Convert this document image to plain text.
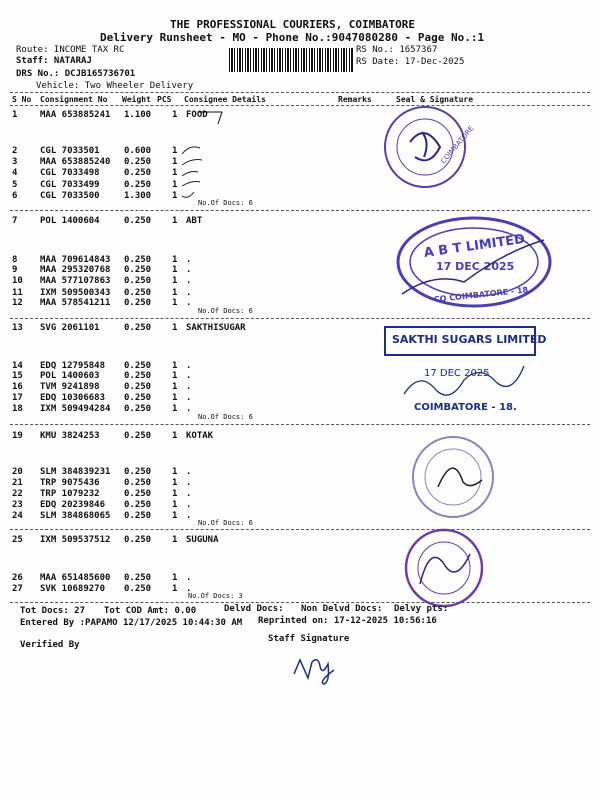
THE PROFESSIONAL COURIERS, COIMBATORE
Delivery Runsheet - MO - Phone No.:9047080280 - Page No.:1
Route: INCOME TAX RC
Staff: NATARAJ
DRS No.: DCJB165736701
Vehicle: Two Wheeler Delivery
RS No.: 1657367
RS Date: 17-Dec-2025
S No Consignment No Weight PCS Consignee Details	Remarks	Seal & Signature
1	MAA 653885241 1.100 1 FOOD
2	CGL 7033501	0.600 1
3	MAA 653885240 0.250 1
4	CGL 7033498	0.250 1
5	CGL 7033499	0.250 1
6	CGL 7033500	1.300 1
7	POL 1400604	0.250 1 ABT
8	MAA 709614843 0.250 1 .
9	MAA 295320768 0.250 1 .
10 MAA 577107863 0.250 1 .
11 IXM 509500343 0.250 1 .
12 MAA 578541211 0.250 1 .
13 SVG 2061101	0.250 1 SAKTHISUGAR
14 EDQ 12795848 0.250 1 .
15 POL 1400603	0.250 1 .
16 TVM 9241898	0.250 1 .
17 EDQ 10306683 0.250 1 .
18 IXM 509494284 0.250 1 .
19 KMU 3824253	0.250 1 KOTAK
20 SLM 384839231 0.250 1 .
21 TRP 9075436	0.250 1 .
22 TRP 1079232	0.250 1 .
23 EDQ 20239846 0.250 1 .
24 SLM 384868065 0.250 1 .
25 IXM 509537512 0.250 1 SUGUNA
26 MAA 651485600 0.250 1 .
27 SVK 10689270 0.250 1 .
No.Of Docs: 6
No.Of Docs: 6
No.Of Docs: 6
No.Of Docs: 6
No.Of Docs: 3
COIMBATORE
A B T LIMITED
17 DEC 2025
CO COIMBATORE - 18
SAKTHI SUGARS LIMITED
17 DEC 2025
COIMBATORE - 18.
Tot Docs: 27 Tot COD Amt: 0.00	Delvd Docs: Non Delvd Docs: Delvy pts:
Entered By :PAPAMO 12/17/2025 10:44:30 AM Reprinted on: 17-12-2025 10:56:16
Verified By
Staff Signature
